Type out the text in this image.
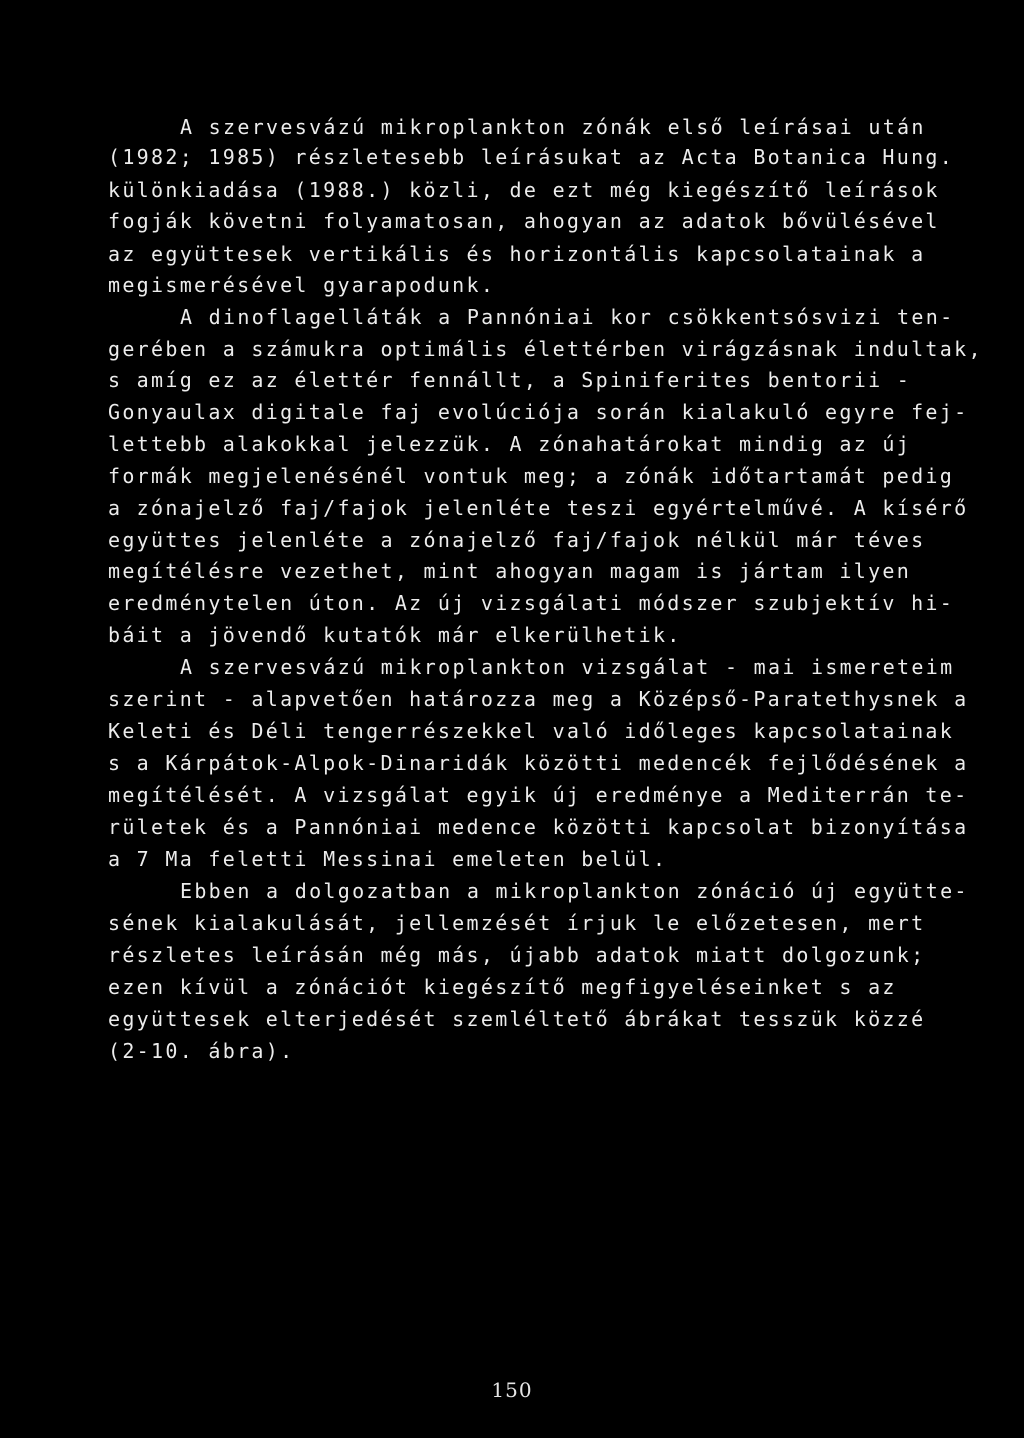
A szervesvázú mikroplankton zónák első leírásai után
(1982; 1985) részletesebb leírásukat az Acta Botanica Hung.
különkiadása (1988.) közli, de ezt még kiegészítő leírások
fogják követni folyamatosan, ahogyan az adatok bővülésével
az együttesek vertikális és horizontális kapcsolatainak a
megismerésével gyarapodunk.
A dinoflagelláták a Pannóniai kor csökkentsósvizi ten-
gerében a számukra optimális élettérben virágzásnak indultak,
s amíg ez az élettér fennállt, a Spiniferites bentorii -
Gonyaulax digitale faj evolúciója során kialakuló egyre fej-
lettebb alakokkal jelezzük. A zónahatárokat mindig az új
formák megjelenésénél vontuk meg; a zónák időtartamát pedig
a zónajelző faj/fajok jelenléte teszi egyértelművé. A kísérő
együttes jelenléte a zónajelző faj/fajok nélkül már téves
megítélésre vezethet, mint ahogyan magam is jártam ilyen
eredménytelen úton. Az új vizsgálati módszer szubjektív hi-
báit a jövendő kutatók már elkerülhetik.
A szervesvázú mikroplankton vizsgálat - mai ismereteim
szerint - alapvetően határozza meg a Középső-Paratethysnek a
Keleti és Déli tengerrészekkel való időleges kapcsolatainak
s a Kárpátok-Alpok-Dinaridák közötti medencék fejlődésének a
megítélését. A vizsgálat egyik új eredménye a Mediterrán te-
rületek és a Pannóniai medence közötti kapcsolat bizonyítása
a 7 Ma feletti Messinai emeleten belül.
Ebben a dolgozatban a mikroplankton zónáció új együtte-
sének kialakulását, jellemzését írjuk le előzetesen, mert
részletes leírásán még más, újabb adatok miatt dolgozunk;
ezen kívül a zónációt kiegészítő megfigyeléseinket s az
együttesek elterjedését szemléltető ábrákat tesszük közzé
(2-10. ábra).
150
